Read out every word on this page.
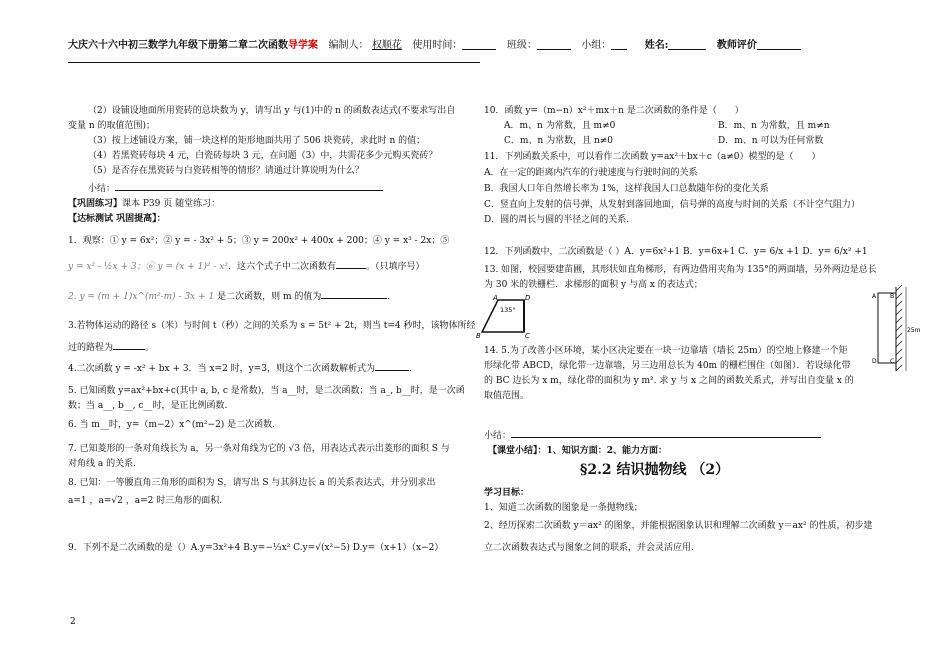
大庆六十六中初三数学九年级下册第二章二次函数导学案 编制人： 权顺花 使用时间：	班级：	小组：	姓名:	教师评价
（2）设铺设地面所用瓷砖的总块数为 y，请写出 y 与(1)中的 n 的函数表达式(不要求写出自
变量 n 的取值范围)；
（3）按上述铺设方案，铺一块这样的矩形地面共用了 506 块瓷砖，求此时 n 的值；
（4）若黑瓷砖每块 4 元，白瓷砖每块 3 元，在问题（3）中，共需花多少元购买瓷砖？
（5）是否存在黑瓷砖与白瓷砖相等的情形？请通过计算说明为什么？
小结：
【巩固练习】课本 P39 页 随堂练习：
【达标测试 巩固提高】：
1．观察：① y = 6x²；② y = - 3x² + 5；③ y = 200x² + 400x + 200；④ y = x³ - 2x；⑤
y = x² - ½x + 3；⑥ y = (x + 1)² - x²．这六个式子中二次函数有	。（只填序号）
2. y = (m + 1)x^(m²-m) - 3x + 1 是二次函数，则 m 的值为	.
3.若物体运动的路径 s（米）与时间 t（秒）之间的关系为 s = 5t² + 2t，则当 t=4 秒时，该物体所经
过的路程为	。
4.二次函数 y = -x² + bx + 3．当 x=2 时，y=3，则这个二次函数解析式为	.
5. 已知函数 y=ax²+bx+c(其中 a, b, c 是常数)，当 a__时，是二次函数；当 a_, b__时，是一次函
数；当 a__, b__, c__时，是正比例函数.
6. 当 m__时，y=（m−2）x^(m²−2) 是二次函数.
7. 已知菱形的一条对角线长为 a，另一条对角线为它的 √3 倍，用表达式表示出菱形的面积 S 与
对角线 a 的关系.
8. 已知：一等腰直角三角形的面积为 S，请写出 S 与其斜边长 a 的关系表达式，并分别求出
a=1 ，a=√2 ，a=2 时三角形的面积.
9．下列不是二次函数的是（）A.y=3x²+4 B.y=−⅓x² C.y=√(x²−5) D.y=（x+1）（x−2）
10．函数 y=（m−n）x²＋mx＋n 是二次函数的条件是（　　）
A．m、n 为常数，且 m≠0	B．m、n 为常数，且 m≠n
C．m、n 为常数，且 n≠0	D．m、n 可以为任何常数
11．下列函数关系中，可以看作二次函数 y=ax²＋bx＋c（a≠0）模型的是（　　）
A．在一定的距离内汽车的行驶速度与行驶时间的关系
B．我国人口年自然增长率为 1%，这样我国人口总数随年份的变化关系
C．竖直向上发射的信号弹，从发射到落回地面，信号弹的高度与时间的关系（不计空气阻力）
D．圆的周长与圆的半径之间的关系．
12．下列函数中，二次函数是（ ）A．y=6x²+1 B．y=6x+1 C．y= 6/x +1 D．y= 6/x² +1
13. 如图，校园要建苗圃，其形状如直角梯形，有两边借用夹角为 135°的两面墙，另外两边是总长
为 30 米的铁栅栏．求梯形的面积 y 与高 x 的表达式；
A	D
B	C
135°
14. 5.为了改善小区环境，某小区决定要在一块一边靠墙（墙长 25m）的空地上修建一个矩
形绿化带 ABCD，绿化带一边靠墙，另三边用总长为 40m 的栅栏围住（如图）．若设绿化带
的 BC 边长为 x m，绿化带的面积为 y m². 求 y 与 x 之间的函数关系式，并写出自变量 x 的
取值范围。
A B
D C
25m
小结：
【课堂小结】：1、知识方面：2、能力方面：
§2.2 结识抛物线 （2）
学习目标：
1、知道二次函数的图象是一条抛物线；
2、经历探索二次函数 y＝ax² 的图象，并能根据图象认识和理解二次函数 y＝ax² 的性质，初步建
立二次函数表达式与图象之间的联系，并会灵活应用.
2
